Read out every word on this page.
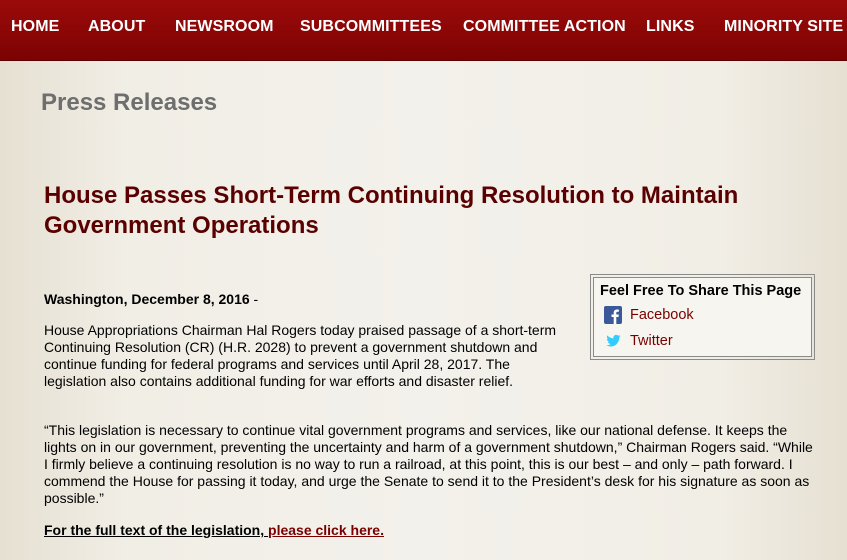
HOME ABOUT NEWSROOM SUBCOMMITTEES COMMITTEE ACTION LINKS MINORITY SITE
Press Releases
House Passes Short-Term Continuing Resolution to Maintain Government Operations
Feel Free To Share This Page
Facebook
Twitter
Washington, December 8, 2016 -

House Appropriations Chairman Hal Rogers today praised passage of a short-term Continuing Resolution (CR) (H.R. 2028) to prevent a government shutdown and continue funding for federal programs and services until April 28, 2017. The legislation also contains additional funding for war efforts and disaster relief.

“This legislation is necessary to continue vital government programs and services, like our national defense. It keeps the lights on in our government, preventing the uncertainty and harm of a government shutdown,” Chairman Rogers said. “While I firmly believe a continuing resolution is no way to run a railroad, at this point, this is our best – and only – path forward. I commend the House for passing it today, and urge the Senate to send it to the President’s desk for his signature as soon as possible.”

For the full text of the legislation, please click here.
